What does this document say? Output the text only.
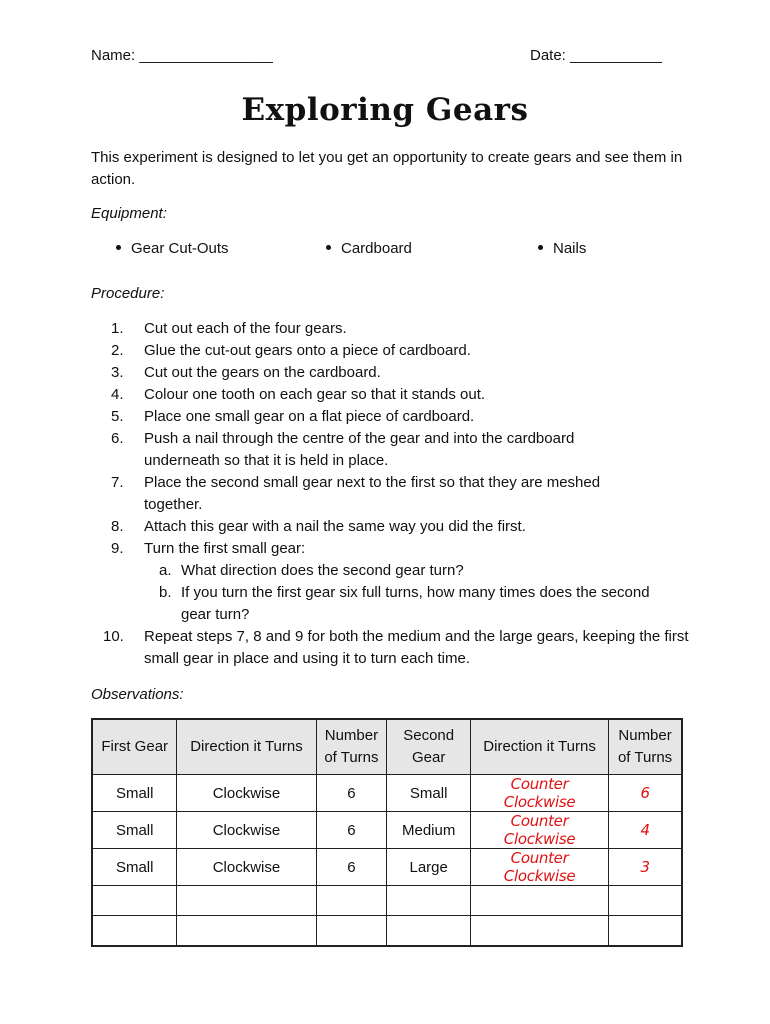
Name: ________________	Date: ___________
Exploring Gears
This experiment is designed to let you get an opportunity to create gears and see them in action.
Equipment:
Gear Cut-Outs	Cardboard	Nails
Procedure:
1. Cut out each of the four gears.
2. Glue the cut-out gears onto a piece of cardboard.
3. Cut out the gears on the cardboard.
4. Colour one tooth on each gear so that it stands out.
5. Place one small gear on a flat piece of cardboard.
6. Push a nail through the centre of the gear and into the cardboard underneath so that it is held in place.
7. Place the second small gear next to the first so that they are meshed together.
8. Attach this gear with a nail the same way you did the first.
9. Turn the first small gear:
a. What direction does the second gear turn?
b. If you turn the first gear six full turns, how many times does the second gear turn?
10. Repeat steps 7, 8 and 9 for both the medium and the large gears, keeping the first small gear in place and using it to turn each time.
Observations:
First Gear	Direction it Turns	Number of Turns	Second Gear	Direction it Turns	Number of Turns
Small	Clockwise	6	Small	Counter Clockwise	6
Small	Clockwise	6	Medium	Counter Clockwise	4
Small	Clockwise	6	Large	Counter Clockwise	3
